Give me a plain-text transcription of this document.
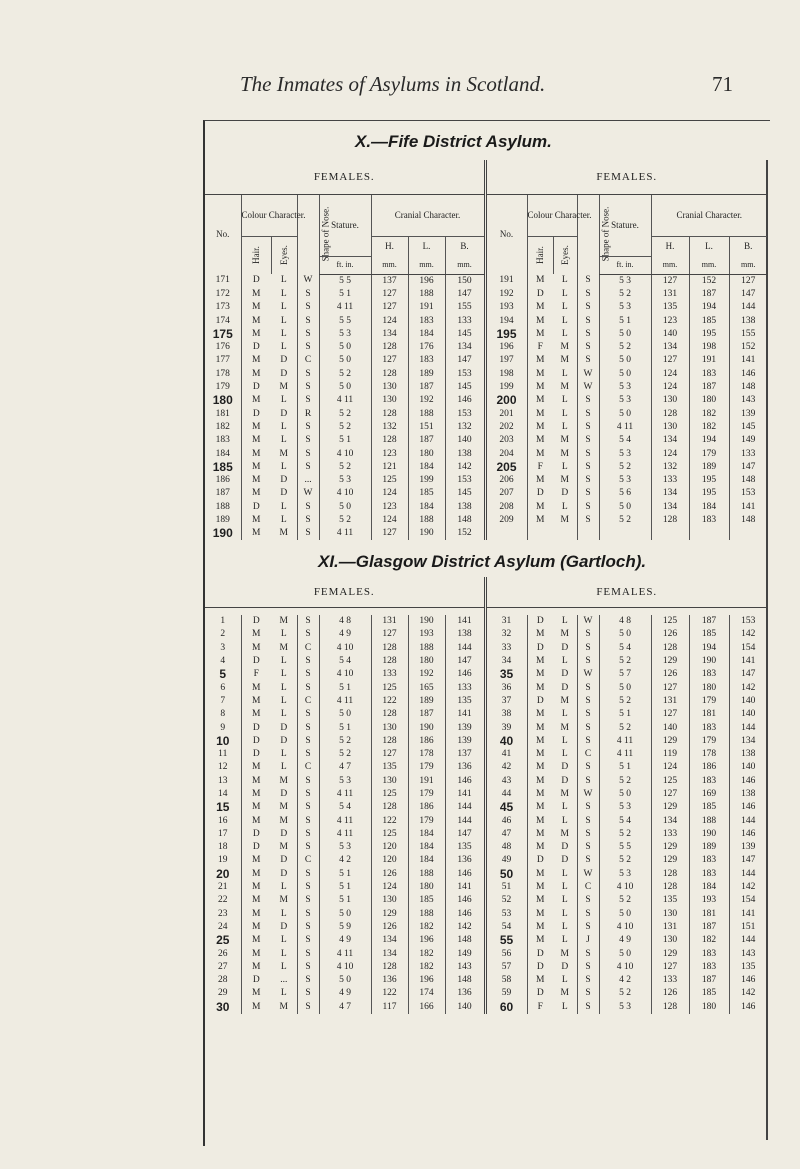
The Inmates of Asylums in Scotland.	71
X.—Fife District Asylum.
FEMALES.								FEMALES.							
No.	Colour Character.		Shape of Nose.	Stature.	Cranial Character.			No.	Colour Character.		Shape of Nose.	Stature.	Cranial Character.		
	Hair.	Eyes.			H.	L.	B.		Hair.	Eyes.			H.	L.	B.
				ft. in.	mm.	mm.	mm.					ft. in.	mm.	mm.	mm.
171	D	L	W	5 5	137	196	150	191	M	L	S	5 3	127	152	127
172	M	L	S	5 1	127	188	147	192	D	L	S	5 2	131	187	147
173	M	L	S	4 11	127	191	155	193	M	L	S	5 3	135	194	144
174	M	L	S	5 5	124	183	133	194	M	L	S	5 1	123	185	138
175	M	L	S	5 3	134	184	145	195	M	L	S	5 0	140	195	155
176	D	L	S	5 0	128	176	134	196	F	M	S	5 2	134	198	152
177	M	D	C	5 0	127	183	147	197	M	M	S	5 0	127	191	141
178	M	D	S	5 2	128	189	153	198	M	L	W	5 0	124	183	146
179	D	M	S	5 0	130	187	145	199	M	M	W	5 3	124	187	148
180	M	L	S	4 11	130	192	146	200	M	L	S	5 3	130	180	143
181	D	D	R	5 2	128	188	153	201	M	L	S	5 0	128	182	139
182	M	L	S	5 2	132	151	132	202	M	L	S	4 11	130	182	145
183	M	L	S	5 1	128	187	140	203	M	M	S	5 4	134	194	149
184	M	M	S	4 10	123	180	138	204	M	M	S	5 3	124	179	133
185	M	L	S	5 2	121	184	142	205	F	L	S	5 2	132	189	147
186	M	D	...	5 3	125	199	153	206	M	M	S	5 3	133	195	148
187	M	D	W	4 10	124	185	145	207	D	D	S	5 6	134	195	153
188	D	L	S	5 0	123	184	138	208	M	L	S	5 0	134	184	141
189	M	L	S	5 2	124	188	148	209	M	M	S	5 2	128	183	148
190	M	M	S	4 11	127	190	152								
XI.—Glasgow District Asylum (Gartloch).
FEMALES.								FEMALES.							

1	D	M	S	4 8	131	190	141	31	D	L	W	4 8	125	187	153
2	M	L	S	4 9	127	193	138	32	M	M	S	5 0	126	185	142
3	M	M	C	4 10	128	188	144	33	D	D	S	5 4	128	194	154
4	D	L	S	5 4	128	180	147	34	M	L	S	5 2	129	190	141
5	F	L	S	4 10	133	192	146	35	M	D	W	5 7	126	183	147
6	M	L	S	5 1	125	165	133	36	M	D	S	5 0	127	180	142
7	M	L	C	4 11	122	189	135	37	D	M	S	5 2	131	179	140
8	M	L	S	5 0	128	187	141	38	M	L	S	5 1	127	181	140
9	D	D	S	5 1	130	190	139	39	M	M	S	5 2	140	183	144
10	D	D	S	5 2	128	186	139	40	M	L	S	4 11	129	179	134
11	D	L	S	5 2	127	178	137	41	M	L	C	4 11	119	178	138
12	M	L	C	4 7	135	179	136	42	M	D	S	5 1	124	186	140
13	M	M	S	5 3	130	191	146	43	M	D	S	5 2	125	183	146
14	M	D	S	4 11	125	179	141	44	M	M	W	5 0	127	169	138
15	M	M	S	5 4	128	186	144	45	M	L	S	5 3	129	185	146
16	M	M	S	4 11	122	179	144	46	M	L	S	5 4	134	188	144
17	D	D	S	4 11	125	184	147	47	M	M	S	5 2	133	190	146
18	D	M	S	5 3	120	184	135	48	M	D	S	5 5	129	189	139
19	M	D	C	4 2	120	184	136	49	D	D	S	5 2	129	183	147
20	M	D	S	5 1	126	188	146	50	M	L	W	5 3	128	183	144
21	M	L	S	5 1	124	180	141	51	M	L	C	4 10	128	184	142
22	M	M	S	5 1	130	185	146	52	M	L	S	5 2	135	193	154
23	M	L	S	5 0	129	188	146	53	M	L	S	5 0	130	181	141
24	M	D	S	5 9	126	182	142	54	M	L	S	4 10	131	187	151
25	M	L	S	4 9	134	196	148	55	M	L	J	4 9	130	182	144
26	M	L	S	4 11	134	182	149	56	D	M	S	5 0	129	183	143
27	M	L	S	4 10	128	182	143	57	D	D	S	4 10	127	183	135
28	D	...	S	5 0	136	196	148	58	M	L	S	4 2	133	187	146
29	M	L	S	4 9	122	174	136	59	D	M	S	5 2	126	185	142
30	M	M	S	4 7	117	166	140	60	F	L	S	5 3	128	180	146
